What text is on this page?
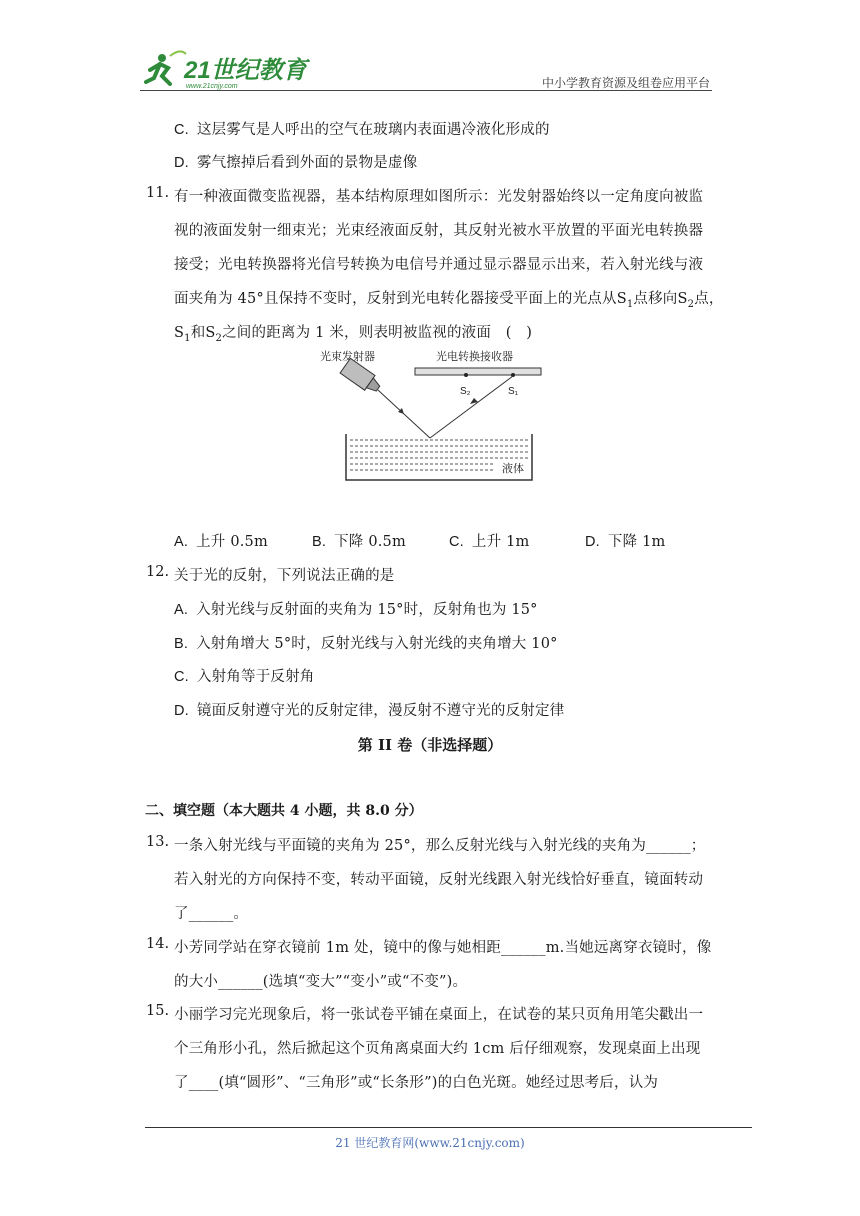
21世纪教育
www.21cnjy.com	中小学教育资源及组卷应用平台
C. 这层雾气是人呼出的空气在玻璃内表面遇冷液化形成的
D. 雾气擦掉后看到外面的景物是虚像
11. 有一种液面微变监视器，基本结构原理如图所示：光发射器始终以一定角度向被监
视的液面发射一细束光；光束经液面反射，其反射光被水平放置的平面光电转换器
接受；光电转换器将光信号转换为电信号并通过显示器显示出来，若入射光线与液
面夹角为 45°且保持不变时，反射到光电转化器接受平面上的光点从$S_1$点移向$S_2$点，
$S_1$和$S_2$之间的距离为 1 米，则表明被监视的液面　(　)
光束发射器	光电转换接收器
S₂	S₁
液体
A. 上升 0.5m	B. 下降 0.5m	C. 上升 1m	D. 下降 1m
12. 关于光的反射，下列说法正确的是
A. 入射光线与反射面的夹角为 15°时，反射角也为 15°
B. 入射角增大 5°时，反射光线与入射光线的夹角增大 10°
C. 入射角等于反射角
D. 镜面反射遵守光的反射定律，漫反射不遵守光的反射定律
第 II 卷（非选择题）
二、填空题（本大题共 4 小题，共 8.0 分）
13. 一条入射光线与平面镜的夹角为 25°，那么反射光线与入射光线的夹角为______；
若入射光的方向保持不变，转动平面镜，反射光线跟入射光线恰好垂直，镜面转动
了______。
14. 小芳同学站在穿衣镜前 1m 处，镜中的像与她相距______m.当她远离穿衣镜时，像
的大小______(选填“变大”“变小”或“不变”)。
15. 小丽学习完光现象后，将一张试卷平铺在桌面上，在试卷的某只页角用笔尖戳出一
个三角形小孔，然后掀起这个页角离桌面大约 1cm 后仔细观察，发现桌面上出现
了____(填“圆形”、“三角形”或“长条形”)的白色光斑。她经过思考后，认为
21 世纪教育网(www.21cnjy.com)
